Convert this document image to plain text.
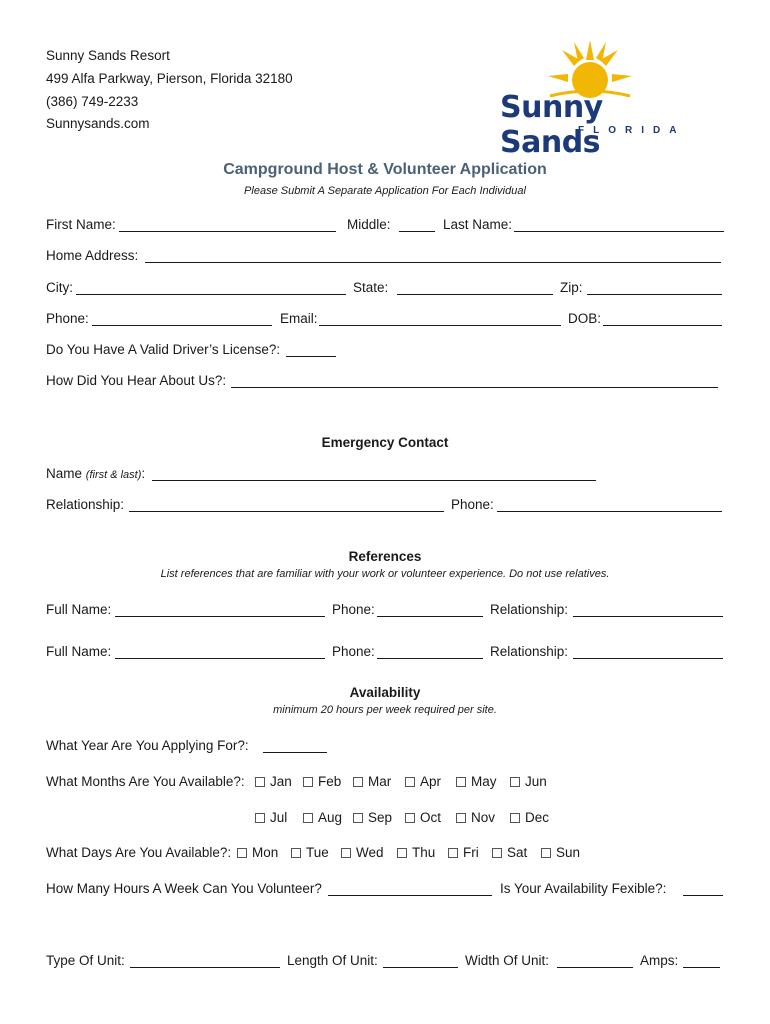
Sunny Sands Resort
499 Alfa Parkway, Pierson, Florida 32180
(386) 749-2233
Sunnysands.com	Sunny Sands
FLORIDA
Campground Host & Volunteer Application
Please Submit A Separate Application For Each Individual
First Name:	Middle:	Last Name:
Home Address:
City:	State:	Zip:
Phone:	Email:	DOB:
Do You Have A Valid Driver’s License?:
How Did You Hear About Us?:
Emergency Contact
Name (first & last):
Relationship:	Phone:
References
List references that are familiar with your work or volunteer experience. Do not use relatives.
Full Name:	Phone:	Relationship:
Full Name:	Phone:	Relationship:
Availability
minimum 20 hours per week required per site.
What Year Are You Applying For?:
What Months Are You Available?: Jan Feb Mar Apr May Jun
Jul Aug Sep Oct Nov Dec
What Days Are You Available?: Mon Tue Wed Thu Fri Sat Sun
How Many Hours A Week Can You Volunteer?	Is Your Availability Fexible?:
Type Of Unit:	Length Of Unit:	Width Of Unit:	Amps:
